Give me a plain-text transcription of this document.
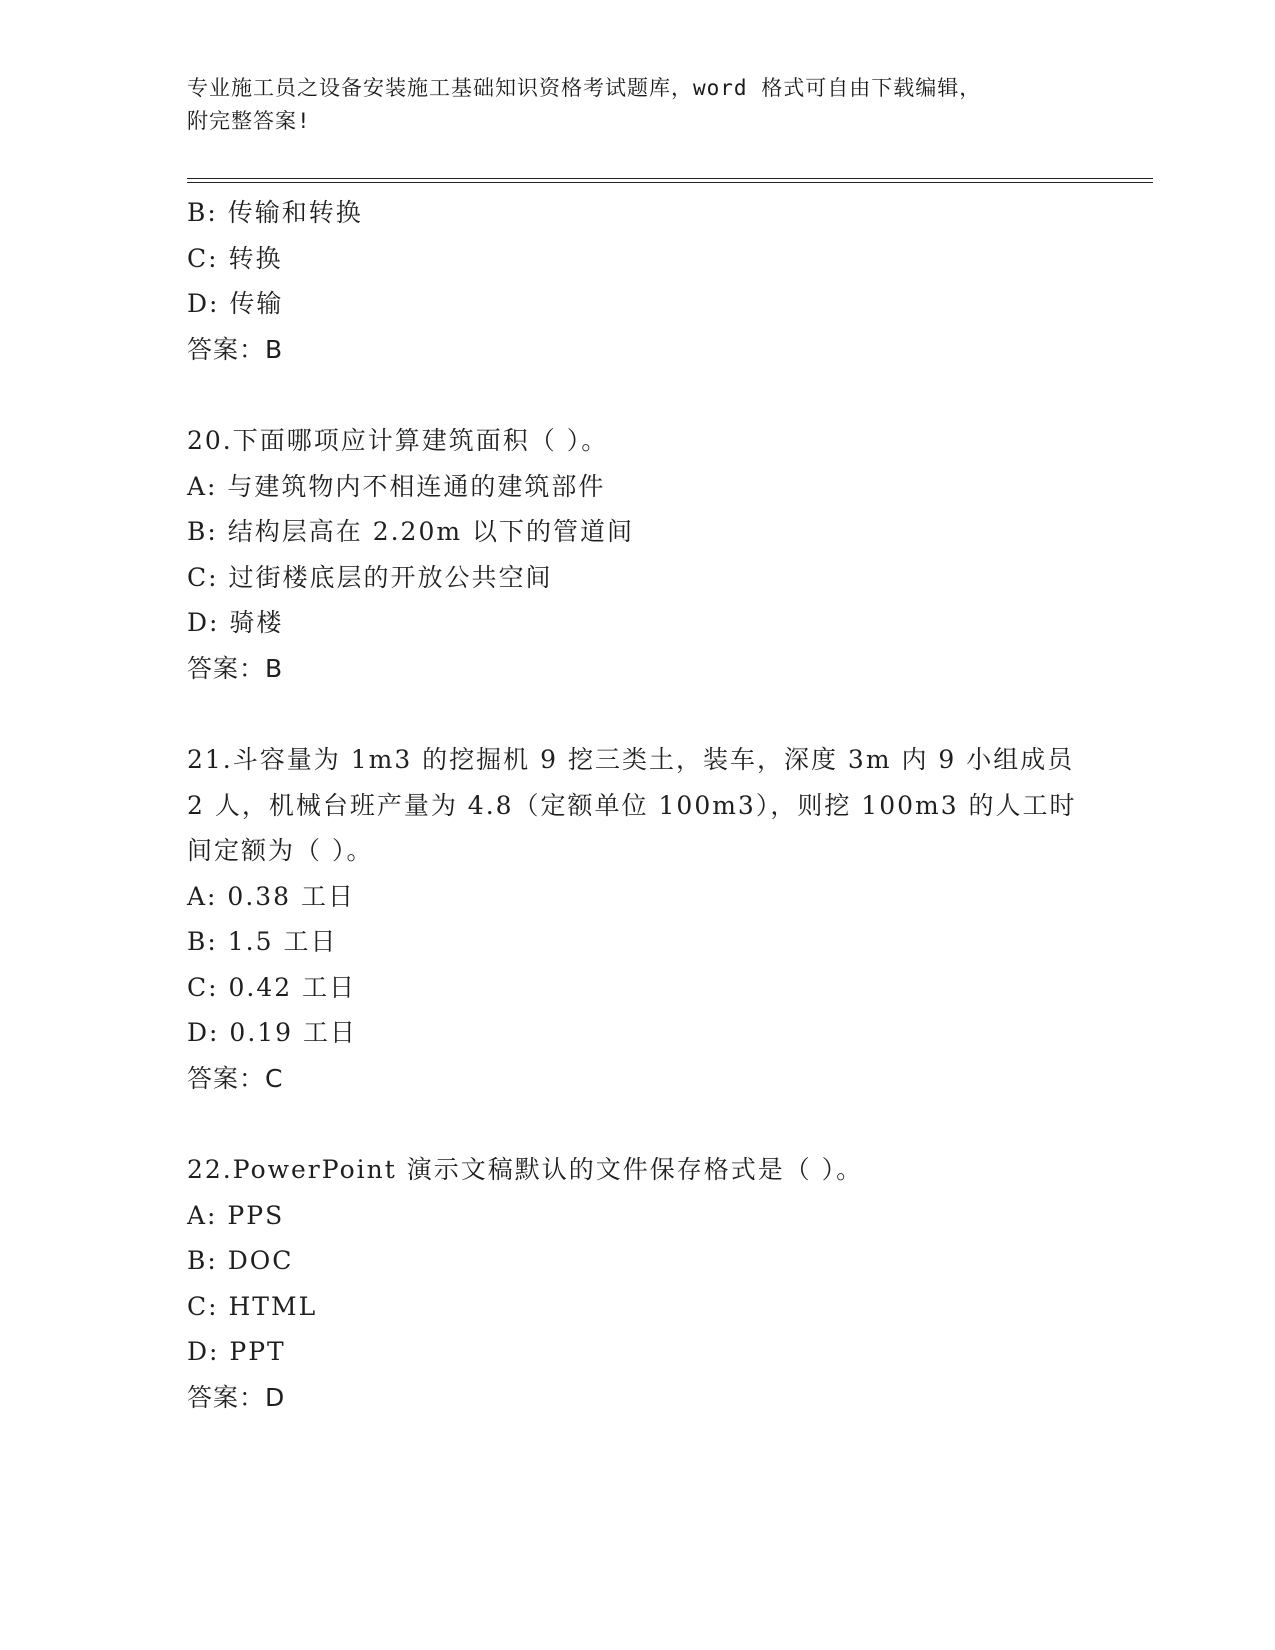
专业施工员之设备安装施工基础知识资格考试题库，word 格式可自由下载编辑，
附完整答案!
B: 传输和转换
C: 转换
D: 传输
答案：B
20.下面哪项应计算建筑面积（ ）。
A: 与建筑物内不相连通的建筑部件
B: 结构层高在 2.20m 以下的管道间
C: 过街楼底层的开放公共空间
D: 骑楼
答案：B
21.斗容量为 1m3 的挖掘机 9 挖三类土，装车，深度 3m 内 9 小组成员
2 人，机械台班产量为 4.8（定额单位 100m3），则挖 100m3 的人工时
间定额为（ ）。
A: 0.38 工日
B: 1.5 工日
C: 0.42 工日
D: 0.19 工日
答案：C
22.PowerPoint 演示文稿默认的文件保存格式是（ ）。
A: PPS
B: DOC
C: HTML
D: PPT
答案：D
